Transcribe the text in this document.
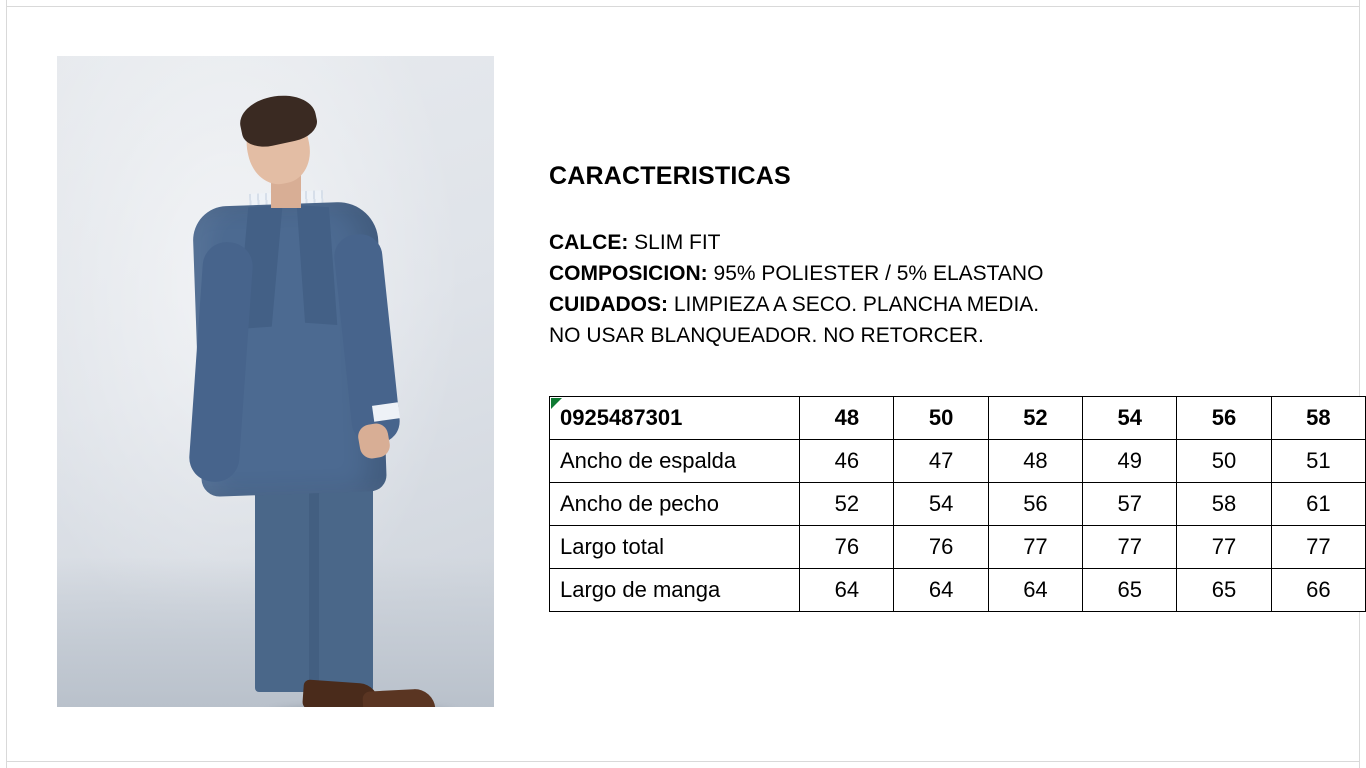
CARACTERISTICAS
CALCE: SLIM FIT
COMPOSICION: 95% POLIESTER / 5% ELASTANO
CUIDADOS: LIMPIEZA A SECO. PLANCHA MEDIA.
NO USAR BLANQUEADOR. NO RETORCER.
0925487301	48	50	52	54	56	58
Ancho de espalda	46	47	48	49	50	51
Ancho de pecho	52	54	56	57	58	61
Largo total	76	76	77	77	77	77
Largo de manga	64	64	64	65	65	66
